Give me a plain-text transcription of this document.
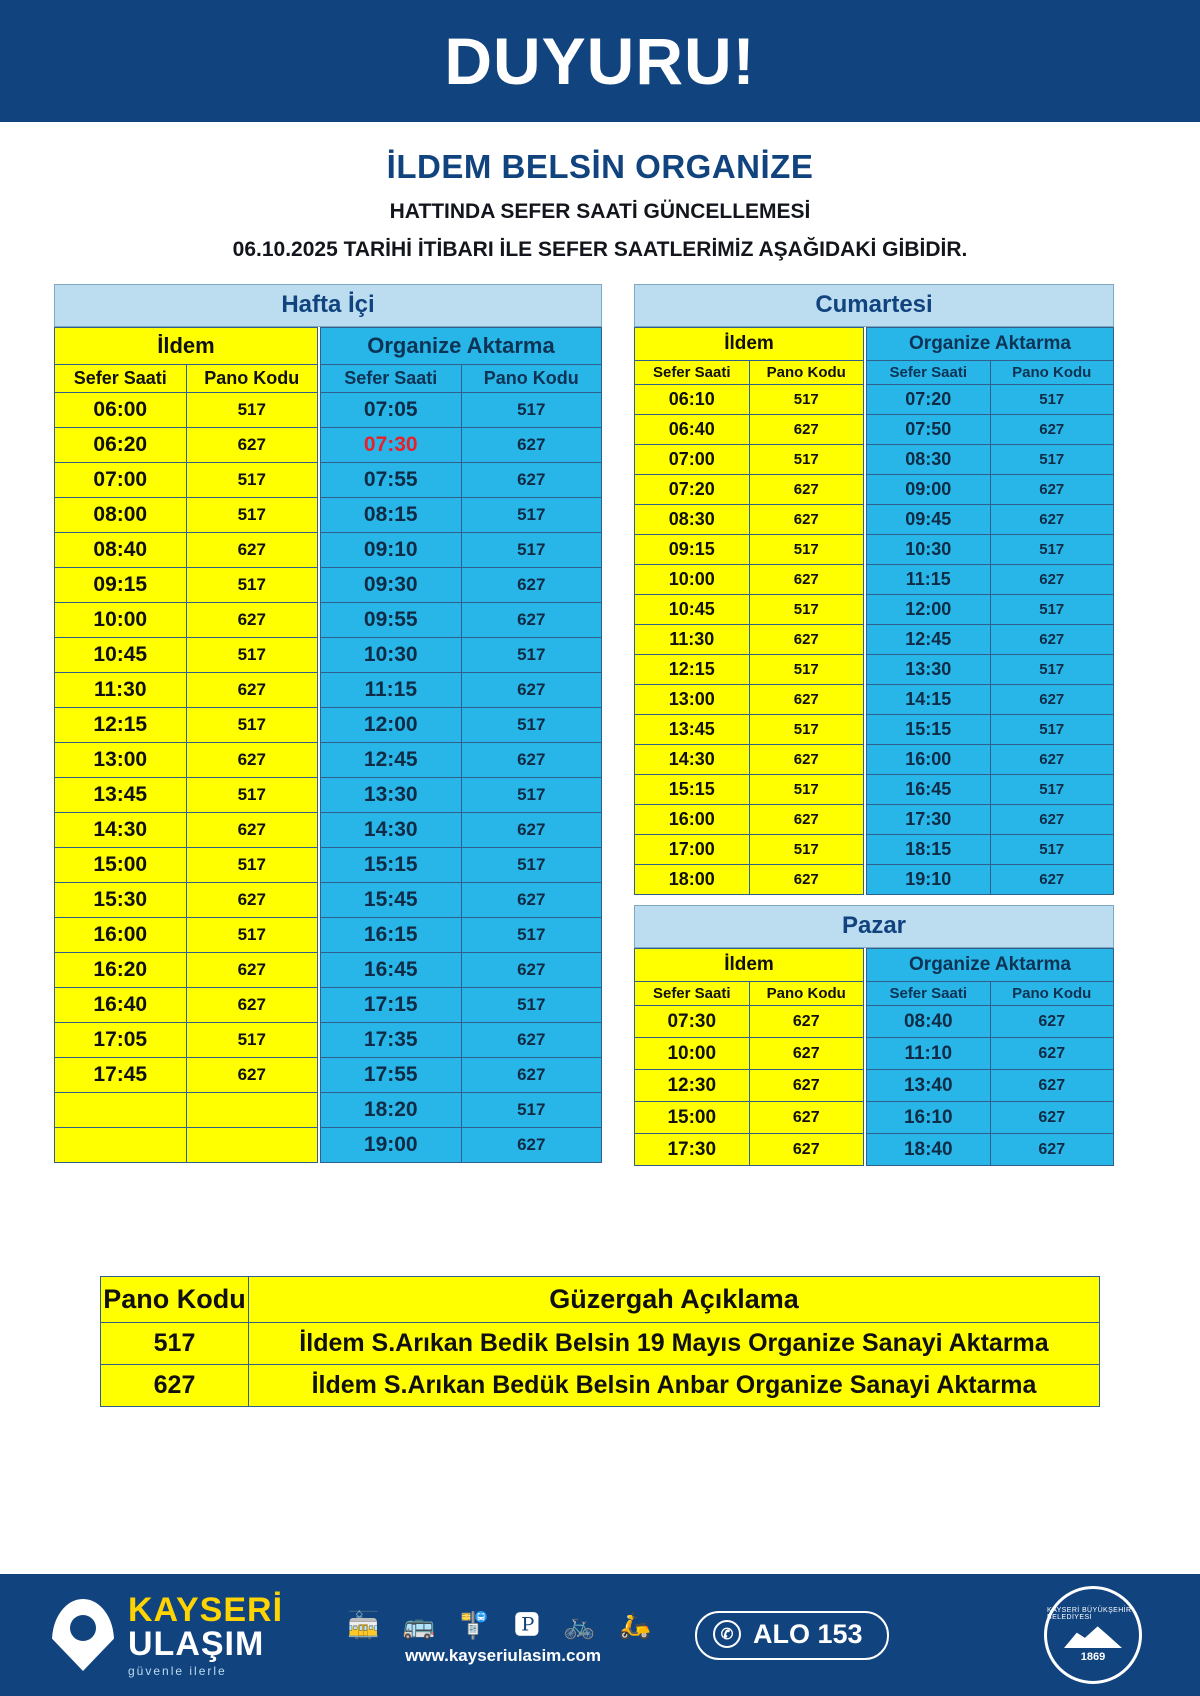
DUYURU!
İLDEM BELSİN ORGANİZE
HATTINDA SEFER SAATİ GÜNCELLEMESİ
06.10.2025 TARİHİ İTİBARI İLE SEFER SAATLERİMİZ AŞAĞIDAKİ GİBİDİR.
Hafta İçi
İldem	
Sefer Saati	Pano Kodu
06:00	517
06:20	627
07:00	517
08:00	517
08:40	627
09:15	517
10:00	627
10:45	517
11:30	627
12:15	517
13:00	627
13:45	517
14:30	627
15:00	517
15:30	627
16:00	517
16:20	627
16:40	627
17:05	517
17:45	627

Organize Aktarma	
Sefer Saati	Pano Kodu
07:05	517
07:30	627
07:55	627
08:15	517
09:10	517
09:30	627
09:55	627
10:30	517
11:15	627
12:00	517
12:45	627
13:30	517
14:30	627
15:15	517
15:45	627
16:15	517
16:45	627
17:15	517
17:35	627
17:55	627
18:20	517
19:00	627
Cumartesi
İldem	
Sefer Saati	Pano Kodu
06:10	517
06:40	627
07:00	517
07:20	627
08:30	627
09:15	517
10:00	627
10:45	517
11:30	627
12:15	517
13:00	627
13:45	517
14:30	627
15:15	517
16:00	627
17:00	517
18:00	627
Organize Aktarma	
Sefer Saati	Pano Kodu
07:20	517
07:50	627
08:30	517
09:00	627
09:45	627
10:30	517
11:15	627
12:00	517
12:45	627
13:30	517
14:15	627
15:15	517
16:00	627
16:45	517
17:30	627
18:15	517
19:10	627
Pazar
İldem	
Sefer Saati	Pano Kodu
07:30	627
10:00	627
12:30	627
15:00	627
17:30	627
Organize Aktarma	
Sefer Saati	Pano Kodu
08:40	627
11:10	627
13:40	627
16:10	627
18:40	627
Pano Kodu	Güzergah Açıklama
517	İldem S.Arıkan Bedik Belsin 19 Mayıs Organize Sanayi Aktarma
627	İldem S.Arıkan Bedük Belsin Anbar Organize Sanayi Aktarma
KAYSERİ
ULAŞIM
güvenle ilerle
🚋 🚌 🚏 🅿 🚲 🛵
www.kayseriulasim.com
✆ ALO 153
KAYSERİ BÜYÜKŞEHİR BELEDİYESİ
1869
